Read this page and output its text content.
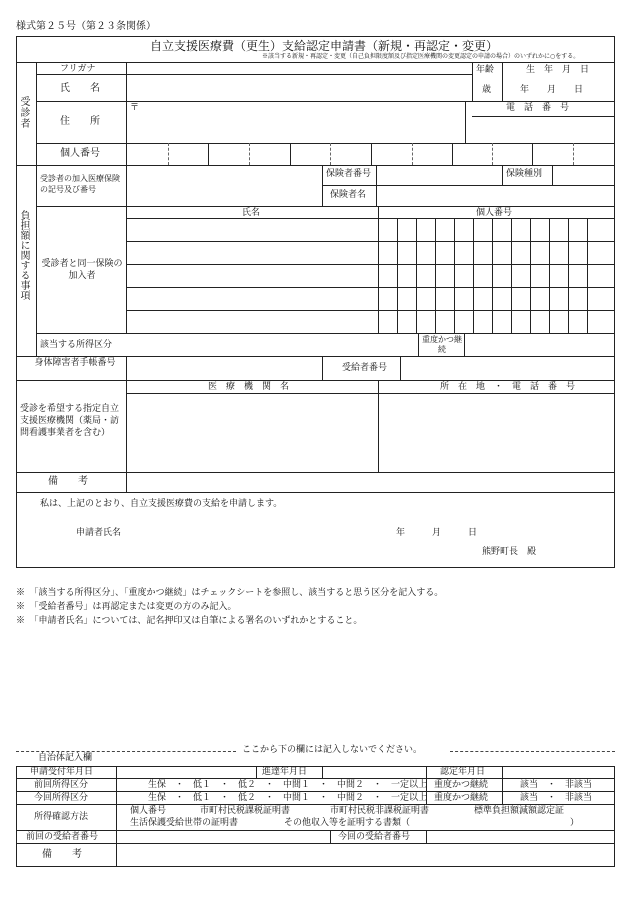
様式第２５号（第２３条関係）
自立支援医療費（更生）支給認定申請書（新規・再認定・変更）
※該当する新規・再認定・変更（自己負担限度額及び指定医療機関の変更認定の申請の場合）のいずれかに○をする。
受診者
フリガナ
氏　　名
年齢
歳
生　年　月　日
年　　月　　日
住　　所
〒	電　話　番　号
個人番号
負担額に関する事項
受診者の加入医療保険の記号及び番号
保険者番号	保険種別
保険者名
氏名	個人番号
受診者と同一保険の加入者
該当する所得区分
重度かつ継続
身体障害者手帳番号	受給者番号
医　療　機　関　名	所　在　地　・　電　話　番　号
受診を希望する指定自立支援医療機関（薬局・訪問看護事業者を含む）
備　　考
私は、上記のとおり、自立支援医療費の支給を申請します。
申請者氏名	年　　　月　　　日
熊野町長　殿
※　「該当する所得区分」、「重度かつ継続」はチェックシートを参照し、該当すると思う区分を記入する。
※　「受給者番号」は再認定または変更の方のみ記入。
※　「申請者氏名」については、記名押印又は自筆による署名のいずれかとすること。
ここから下の欄には記入しないでください。
自治体記入欄
申請受付年月日	進達年月日	認定年月日
前回所得区分	生保　・　低１　・　低２　・　中間１　・　中間２　・　一定以上 重度かつ継続	該当　・　非該当
今回所得区分	生保　・　低１　・　低２　・　中間１　・　中間２　・　一定以上 重度かつ継続	該当　・　非該当
所得確認方法
個人番号	市町村民税課税証明書	市町村民税非課税証明書	標準負担額減額認定証
生活保護受給世帯の証明書	その他収入等を証明する書類（	）
前回の受給者番号	今回の受給者番号
備　　考
